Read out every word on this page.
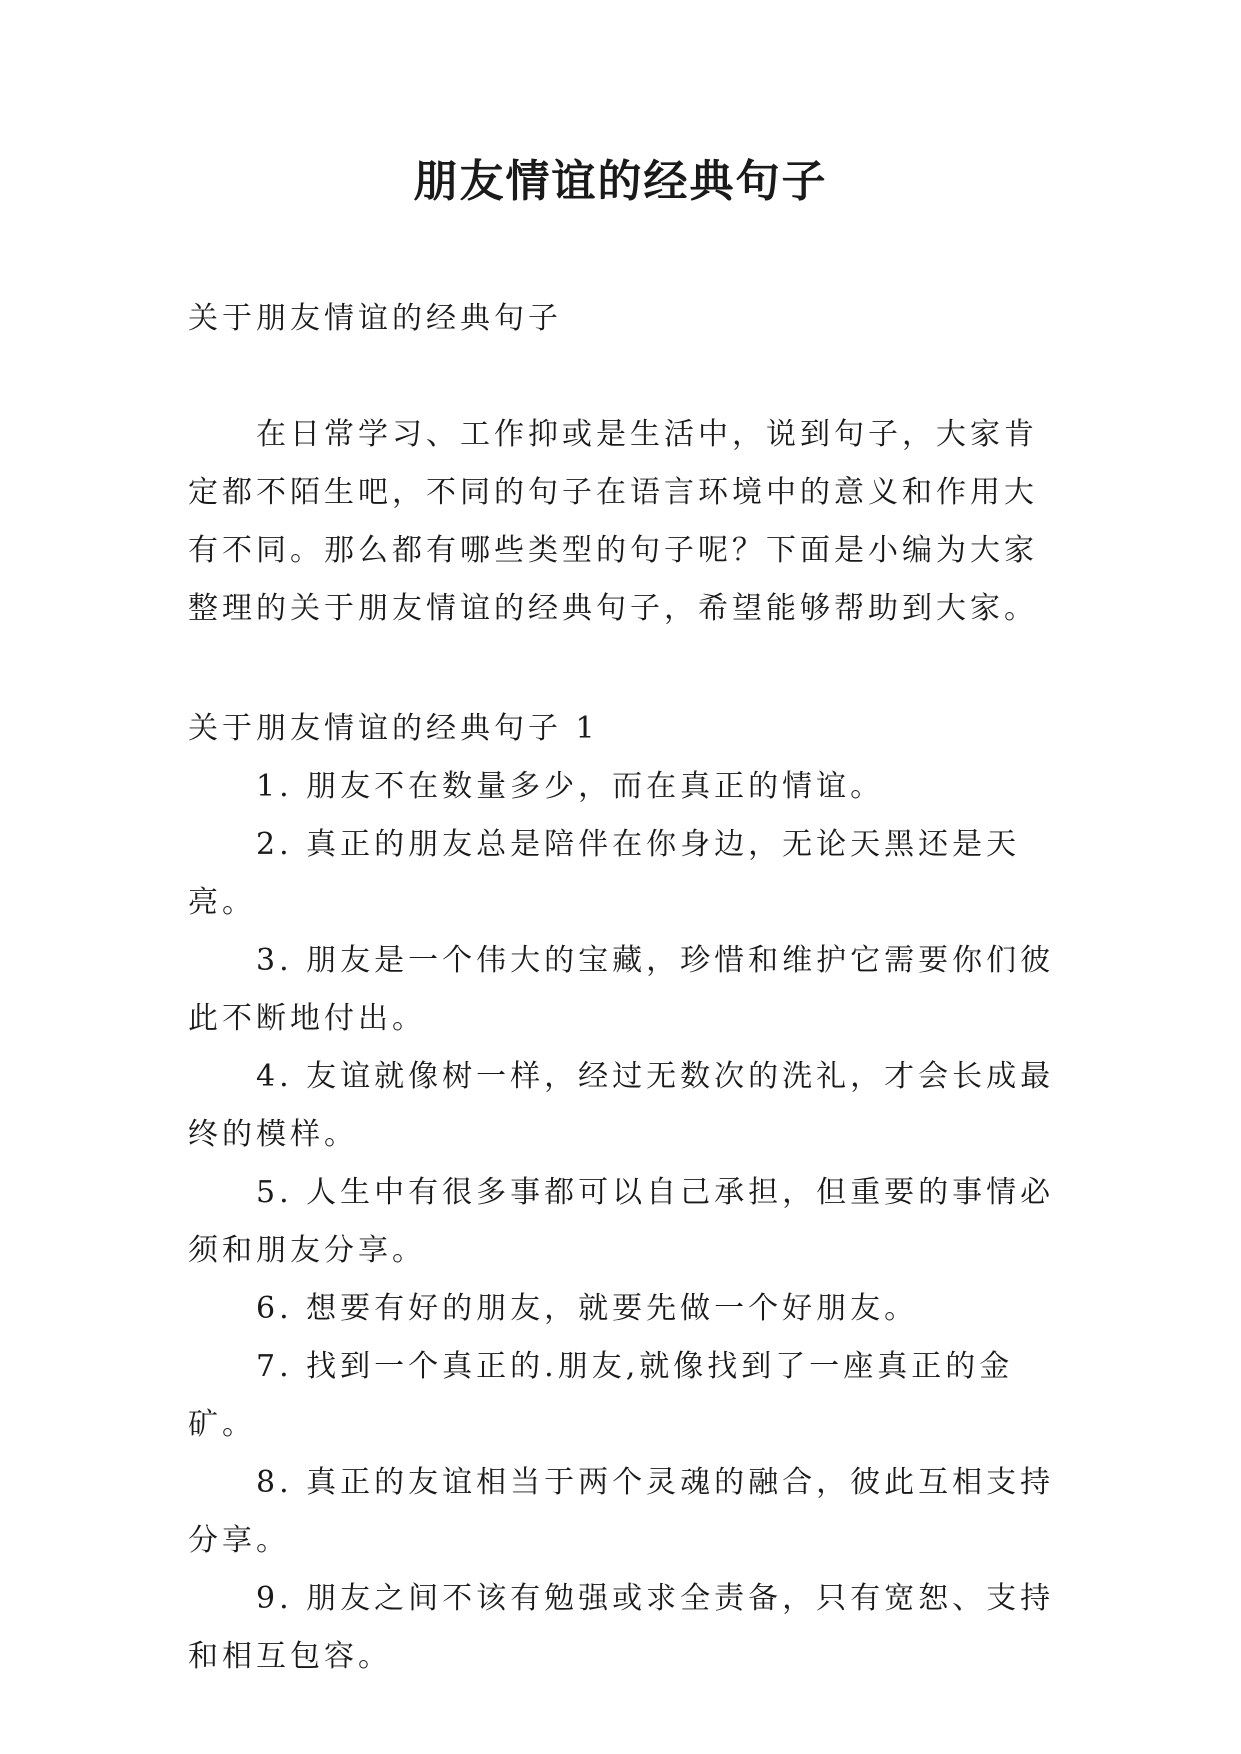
朋友情谊的经典句子

关于朋友情谊的经典句子

在日常学习、工作抑或是生活中，说到句子，大家肯定都不陌生吧，不同的句子在语言环境中的意义和作用大有不同。那么都有哪些类型的句子呢？下面是小编为大家整理的关于朋友情谊的经典句子，希望能够帮助到大家。

关于朋友情谊的经典句子 1

1. 朋友不在数量多少，而在真正的情谊。

2. 真正的朋友总是陪伴在你身边，无论天黑还是天亮。

3. 朋友是一个伟大的宝藏，珍惜和维护它需要你们彼此不断地付出。

4. 友谊就像树一样，经过无数次的洗礼，才会长成最终的模样。

5. 人生中有很多事都可以自己承担，但重要的事情必须和朋友分享。

6. 想要有好的朋友，就要先做一个好朋友。

7. 找到一个真正的.朋友,就像找到了一座真正的金矿。

8. 真正的友谊相当于两个灵魂的融合，彼此互相支持分享。

9. 朋友之间不该有勉强或求全责备，只有宽恕、支持和相互包容。
